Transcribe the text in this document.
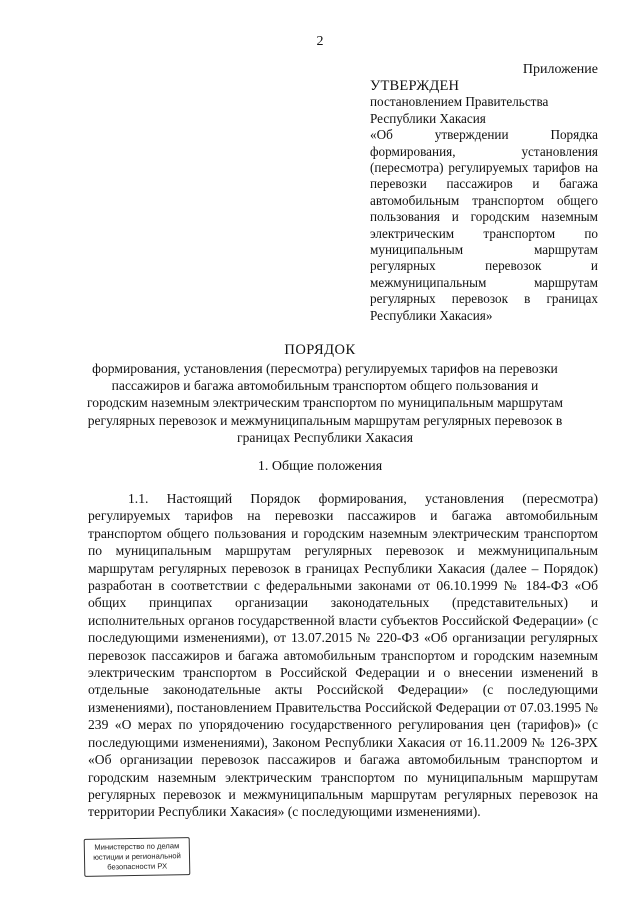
2
Приложение

УТВЕРЖДЕН

постановлением Правительства

Республики Хакасия

«Об утверждении Порядка формирования, установления (пересмотра) регулируемых тарифов на перевозки пассажиров и багажа автомобильным транспортом общего пользования и городским наземным электрическим транспортом по муниципальным маршрутам регулярных перевозок и межмуниципальным маршрутам регулярных перевозок в границах Республики Хакасия»

ПОРЯДОК
формирования, установления (пересмотра) регулируемых тарифов на перевозки пассажиров и багажа автомобильным транспортом общего пользования и городским наземным электрическим транспортом по муниципальным маршрутам регулярных перевозок и межмуниципальным маршрутам регулярных перевозок в границах Республики Хакасия
1. Общие положения
1.1. Настоящий Порядок формирования, установления (пересмотра) регулируемых тарифов на перевозки пассажиров и багажа автомобильным транспортом общего пользования и городским наземным электрическим транспортом по муниципальным маршрутам регулярных перевозок и межмуниципальным маршрутам регулярных перевозок в границах Республики Хакасия (далее – Порядок) разработан в соответствии с федеральными законами от 06.10.1999 № 184-ФЗ «Об общих принципах организации законодательных (представительных) и исполнительных органов государственной власти субъектов Российской Федерации» (с последующими изменениями), от 13.07.2015 № 220-ФЗ «Об организации регулярных перевозок пассажиров и багажа автомобильным транспортом и городским наземным электрическим транспортом в Российской Федерации и о внесении изменений в отдельные законодательные акты Российской Федерации» (с последующими изменениями), постановлением Правительства Российской Федерации от 07.03.1995 № 239 «О мерах по упорядочению государственного регулирования цен (тарифов)» (с последующими изменениями), Законом Республики Хакасия от 16.11.2009 № 126-ЗРХ «Об организации перевозок пассажиров и багажа автомобильным транспортом и городским наземным электрическим транспортом по муниципальным маршрутам регулярных перевозок и межмуниципальным маршрутам регулярных перевозок на территории Республики Хакасия» (с последующими изменениями).
Министерство по делам
юстиции и региональной
безопасности РХ
